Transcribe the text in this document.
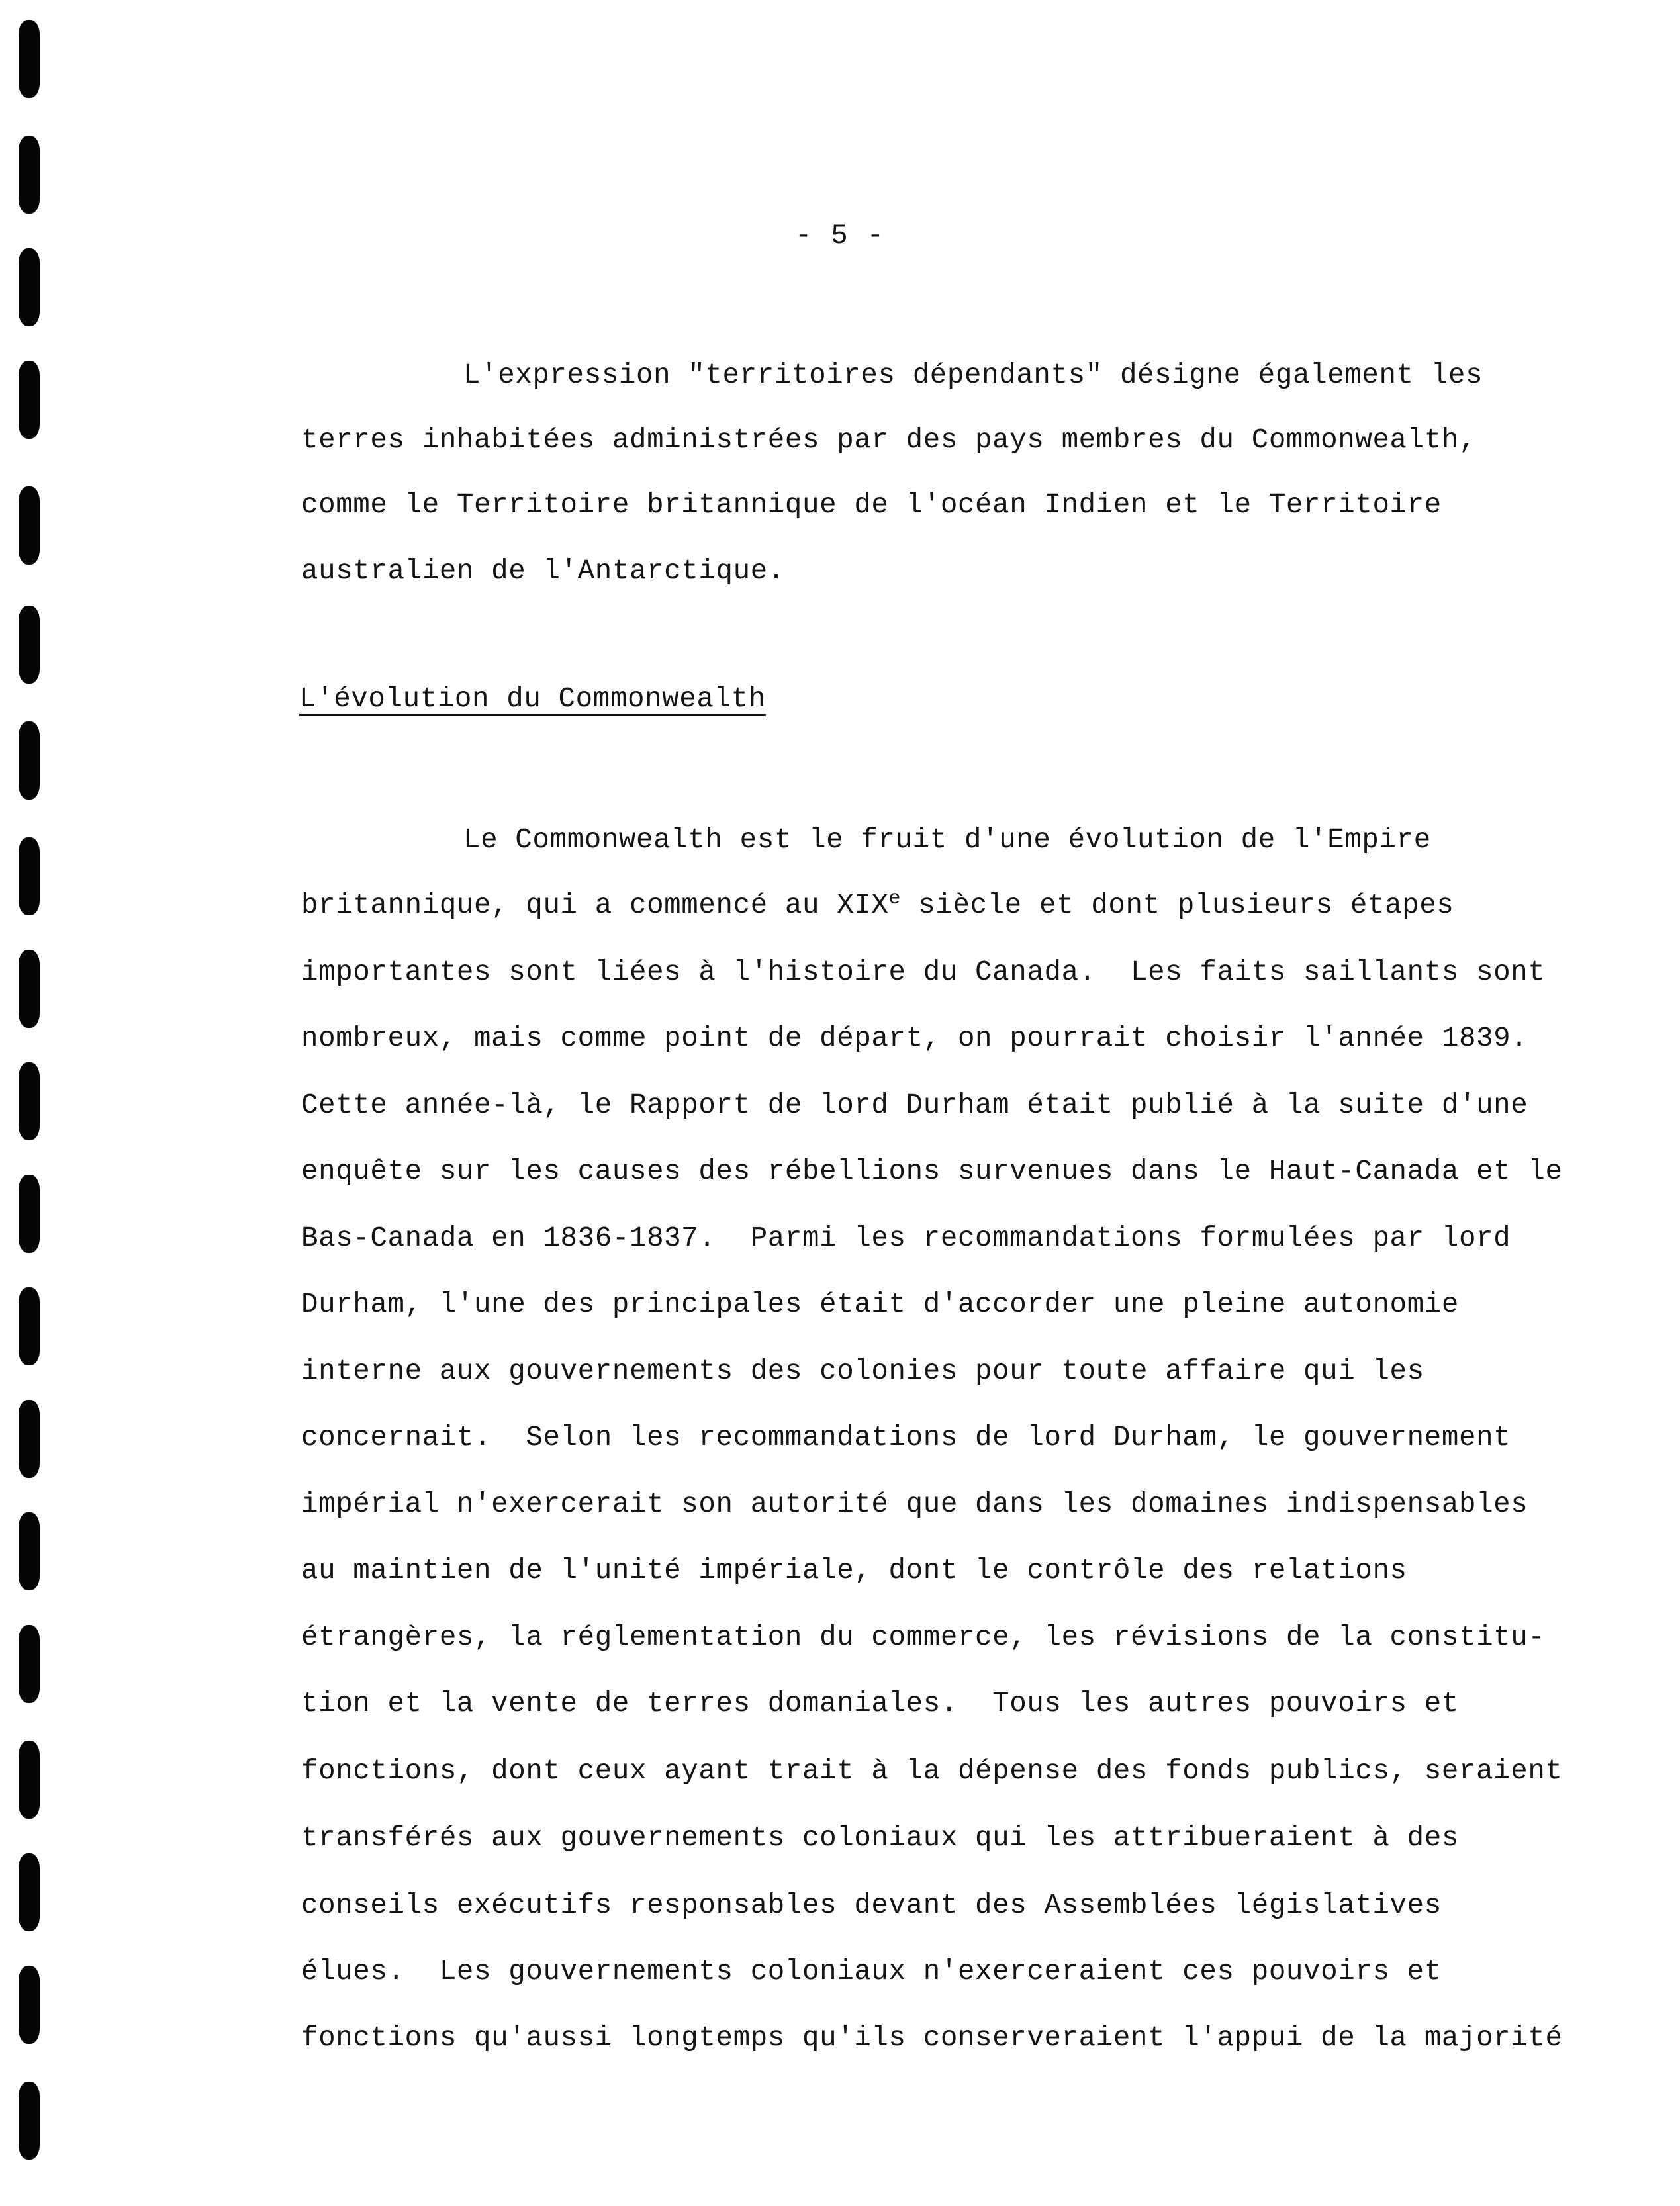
- 5 -
L'expression "territoires dépendants" désigne également les
terres inhabitées administrées par des pays membres du Commonwealth,
comme le Territoire britannique de l'océan Indien et le Territoire
australien de l'Antarctique.
L'évolution du Commonwealth
Le Commonwealth est le fruit d'une évolution de l'Empire
britannique, qui a commencé au XIXe siècle et dont plusieurs étapes
importantes sont liées à l'histoire du Canada.  Les faits saillants sont
nombreux, mais comme point de départ, on pourrait choisir l'année 1839.
Cette année-là, le Rapport de lord Durham était publié à la suite d'une
enquête sur les causes des rébellions survenues dans le Haut-Canada et le
Bas-Canada en 1836-1837.  Parmi les recommandations formulées par lord
Durham, l'une des principales était d'accorder une pleine autonomie
interne aux gouvernements des colonies pour toute affaire qui les
concernait.  Selon les recommandations de lord Durham, le gouvernement
impérial n'exercerait son autorité que dans les domaines indispensables
au maintien de l'unité impériale, dont le contrôle des relations
étrangères, la réglementation du commerce, les révisions de la constitu-
tion et la vente de terres domaniales.  Tous les autres pouvoirs et
fonctions, dont ceux ayant trait à la dépense des fonds publics, seraient
transférés aux gouvernements coloniaux qui les attribueraient à des
conseils exécutifs responsables devant des Assemblées législatives
élues.  Les gouvernements coloniaux n'exerceraient ces pouvoirs et
fonctions qu'aussi longtemps qu'ils conserveraient l'appui de la majorité
